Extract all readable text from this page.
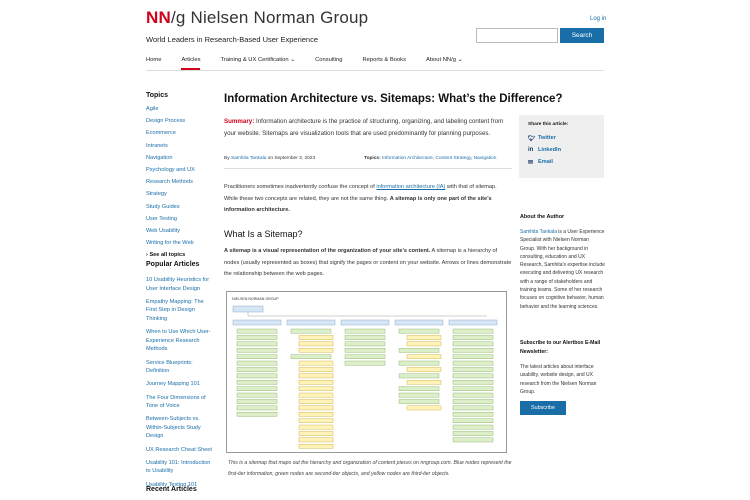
NN/g Nielsen Norman Group
World Leaders in Research-Based User Experience
Log in
Search
Home	Articles	Training & UX Certification ⌄	Consulting	Reports & Books	About NN/g ⌄
Topics
Agile
Design Process
Ecommerce
Intranets
Navigation
Psychology and UX
Research Methods
Strategy
Study Guides
User Testing
Web Usability
Writing for the Web
› See all topics
Popular Articles
10 Usability Heuristics for User Interface Design
Empathy Mapping: The First Step in Design Thinking
When to Use Which User-Experience Research Methods
Service Blueprints: Definition
Journey Mapping 101
The Four Dimensions of Tone of Voice
Between-Subjects vs. Within-Subjects Study Design
UX Research Cheat Sheet
Usability 101: Introduction to Usability
Usability Testing 101
Recent Articles
Information Architecture vs. Sitemaps: What’s the Difference?
Summary: Information architecture is the practice of structuring, organizing, and labeling content from your website. Sitemaps are visualization tools that are used predominantly for planning purposes.
By Samhita Tankala on September 3, 2023	Topics: Information Architecture, Content Strategy, Navigation
Practitioners sometimes inadvertently confuse the concept of information architecture (IA) with that of sitemap. While these two concepts are related, they are not the same thing. A sitemap is only one part of the site’s information architecture.
What Is a Sitemap?
A sitemap is a visual representation of the organization of your site’s content. A sitemap is a hierarchy of nodes (usually represented as boxes) that signify the pages or content on your website. Arrows or lines demonstrate the relationship between the web pages.
NIELSEN NORMAN GROUP
This is a sitemap that maps out the hierarchy and organization of content pieces on nngroup.com. Blue nodes represent the first-tier information, green nodes are second-tier objects, and yellow nodes are third-tier objects.
Share this article:
🐦︎ Twitter
in LinkedIn
✉ Email
About the Author
Samhita Tankala is a User Experience Specialist with Nielsen Norman Group. With her background in consulting, education and UX Research, Samhita's expertise include executing and delivering UX research with a range of stakeholders and training teams. Some of her research focuses on cognitive behavior, human behavior and the learning sciences.
Subscribe to our Alertbox E-Mail Newsletter:
The latest articles about interface usability, website design, and UX research from the Nielsen Norman Group.
Subscribe
